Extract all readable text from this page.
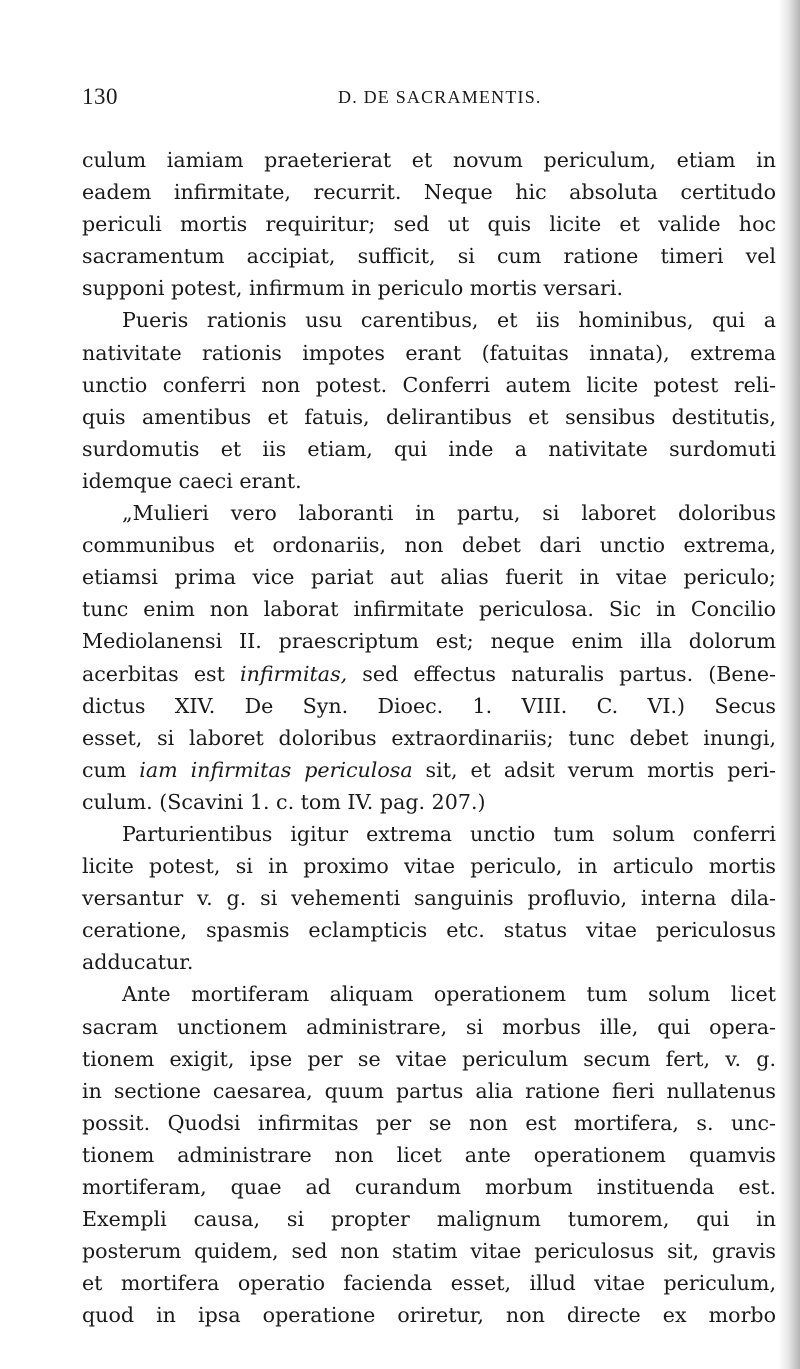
130	D. DE SACRAMENTIS.
culum iamiam praeterierat et novum periculum, etiam in
eadem infirmitate, recurrit. Neque hic absoluta certitudo
periculi mortis requiritur; sed ut quis licite et valide hoc
sacramentum accipiat, sufficit, si cum ratione timeri vel
supponi potest, infirmum in periculo mortis versari.
Pueris rationis usu carentibus, et iis hominibus, qui a
nativitate rationis impotes erant (fatuitas innata), extrema
unctio conferri non potest. Conferri autem licite potest reli-
quis amentibus et fatuis, delirantibus et sensibus destitutis,
surdomutis et iis etiam, qui inde a nativitate surdomuti
idemque caeci erant.
„Mulieri vero laboranti in partu, si laboret doloribus
communibus et ordonariis, non debet dari unctio extrema,
etiamsi prima vice pariat aut alias fuerit in vitae periculo;
tunc enim non laborat infirmitate periculosa. Sic in Concilio
Mediolanensi II. praescriptum est; neque enim illa dolorum
acerbitas est infirmitas, sed effectus naturalis partus. (Bene-
dictus XIV. De Syn. Dioec. 1. VIII. C. VI.) Secus
esset, si laboret doloribus extraordinariis; tunc debet inungi,
cum iam infirmitas periculosa sit, et adsit verum mortis peri-
culum. (Scavini 1. c. tom IV. pag. 207.)
Parturientibus igitur extrema unctio tum solum conferri
licite potest, si in proximo vitae periculo, in articulo mortis
versantur v. g. si vehementi sanguinis profluvio, interna dila-
ceratione, spasmis eclampticis etc. status vitae periculosus
adducatur.
Ante mortiferam aliquam operationem tum solum licet
sacram unctionem administrare, si morbus ille, qui opera-
tionem exigit, ipse per se vitae periculum secum fert, v. g.
in sectione caesarea, quum partus alia ratione fieri nullatenus
possit. Quodsi infirmitas per se non est mortifera, s. unc-
tionem administrare non licet ante operationem quamvis
mortiferam, quae ad curandum morbum instituenda est.
Exempli causa, si propter malignum tumorem, qui in
posterum quidem, sed non statim vitae periculosus sit, gravis
et mortifera operatio facienda esset, illud vitae periculum,
quod in ipsa operatione oriretur, non directe ex morbo
